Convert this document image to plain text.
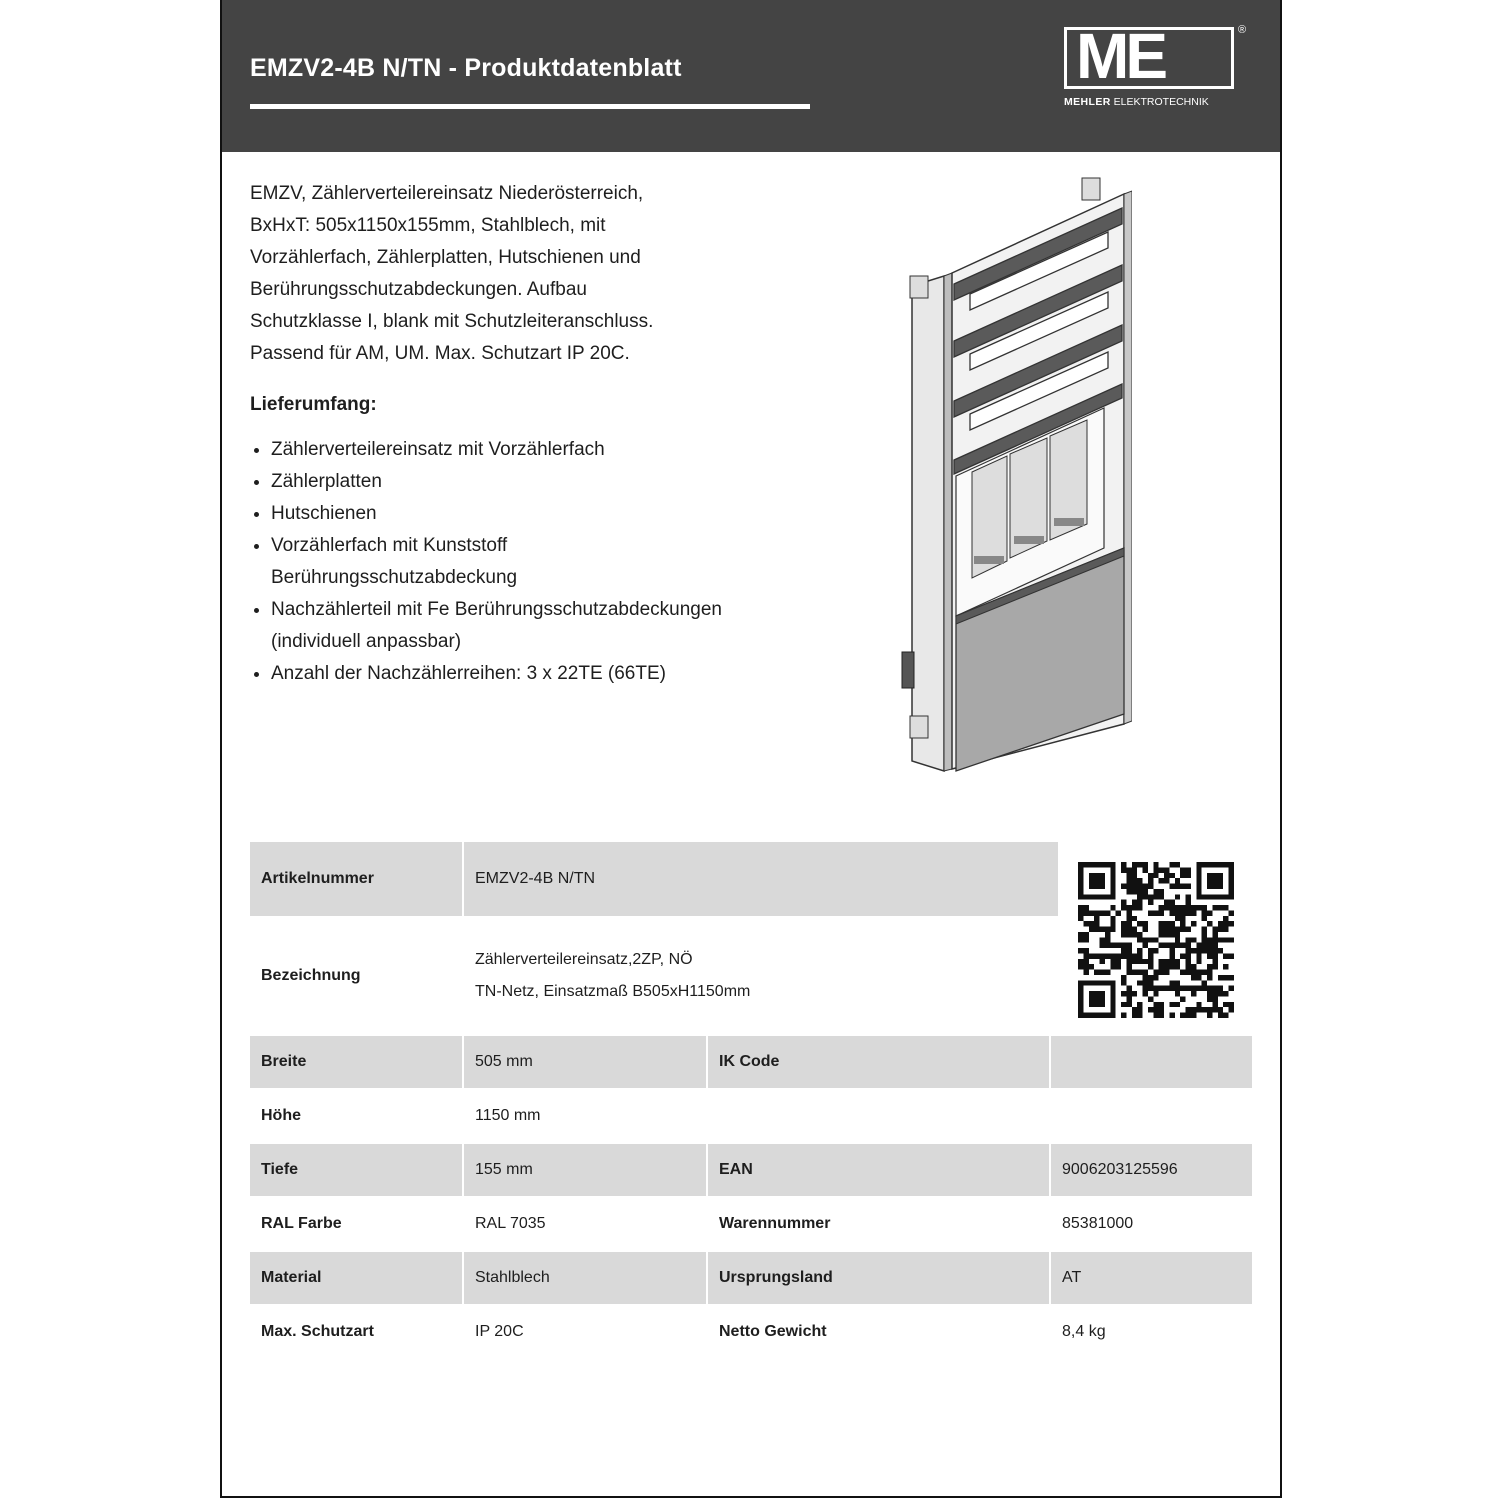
EMZV2-4B N/TN - Produktdatenblatt	ME	®
MEHLER ELEKTROTECHNIK
EMZV, Zählerverteilereinsatz Niederösterreich,
BxHxT: 505x1150x155mm, Stahlblech, mit
Vorzählerfach, Zählerplatten, Hutschienen und
Berührungsschutzabdeckungen. Aufbau
Schutzklasse I, blank mit Schutzleiteranschluss.
Passend für AM, UM. Max. Schutzart IP 20C.
Lieferumfang:
• Zählerverteilereinsatz mit Vorzählerfach
• Zählerplatten
• Hutschienen
• Vorzählerfach mit Kunststoff Berührungsschutzabdeckung
• Nachzählerteil mit Fe Berührungsschutzabdeckungen (individuell anpassbar)
• Anzahl der Nachzählerreihen: 3 x 22TE (66TE)
Artikelnummer	EMZV2-4B N/TN
Bezeichnung
Zählerverteilereinsatz,2ZP, NÖ
TN-Netz, Einsatzmaß B505xH1150mm
Breite	505 mm	IK Code
Höhe	1150 mm
Tiefe	155 mm	EAN	9006203125596
RAL Farbe	RAL 7035	Warennummer	85381000
Material	Stahlblech	Ursprungsland	AT
Max. Schutzart	IP 20C	Netto Gewicht	8,4 kg
